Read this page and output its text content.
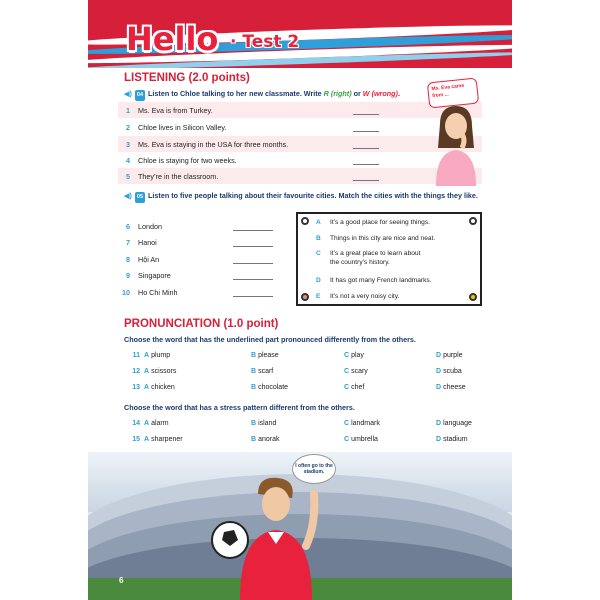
Hello · Test 2
LISTENING (2.0 points)
◀) 04 Listen to Chloe talking to her new classmate. Write R (right) or W (wrong).
1 Ms. Eva is from Turkey.
2 Chloe lives in Silicon Valley.
3 Ms. Eva is staying in the USA for three months.
4 Chloe is staying for two weeks.
5 They’re in the classroom.
Ms. Eva came from ...
◀) 05 Listen to five people talking about their favourite cities. Match the cities with the things they like.
6 London
7 Hanoi
8 Hội An
9 Singapore
10 Ho Chi Minh
A	It’s a good place for seeing things.
B	Things in this city are nice and neat.
C	It’s a great place to learn about
the country’s history.
D	It has got many French landmarks.
E	It’s not a very noisy city.
PRONUNCIATION (1.0 point)
Choose the word that has the underlined part pronounced differently from the others.
11 A plump	B please	C play	D purple
12 A scissors	B scarf	C scary	D scuba
13 A chicken	B chocolate	C chef	D cheese
Choose the word that has a stress pattern different from the others.
14 A alarm	B island	C landmark	D language
15 A sharpener	B anorak	C umbrella	D stadium
I often go to the stadium.
6
